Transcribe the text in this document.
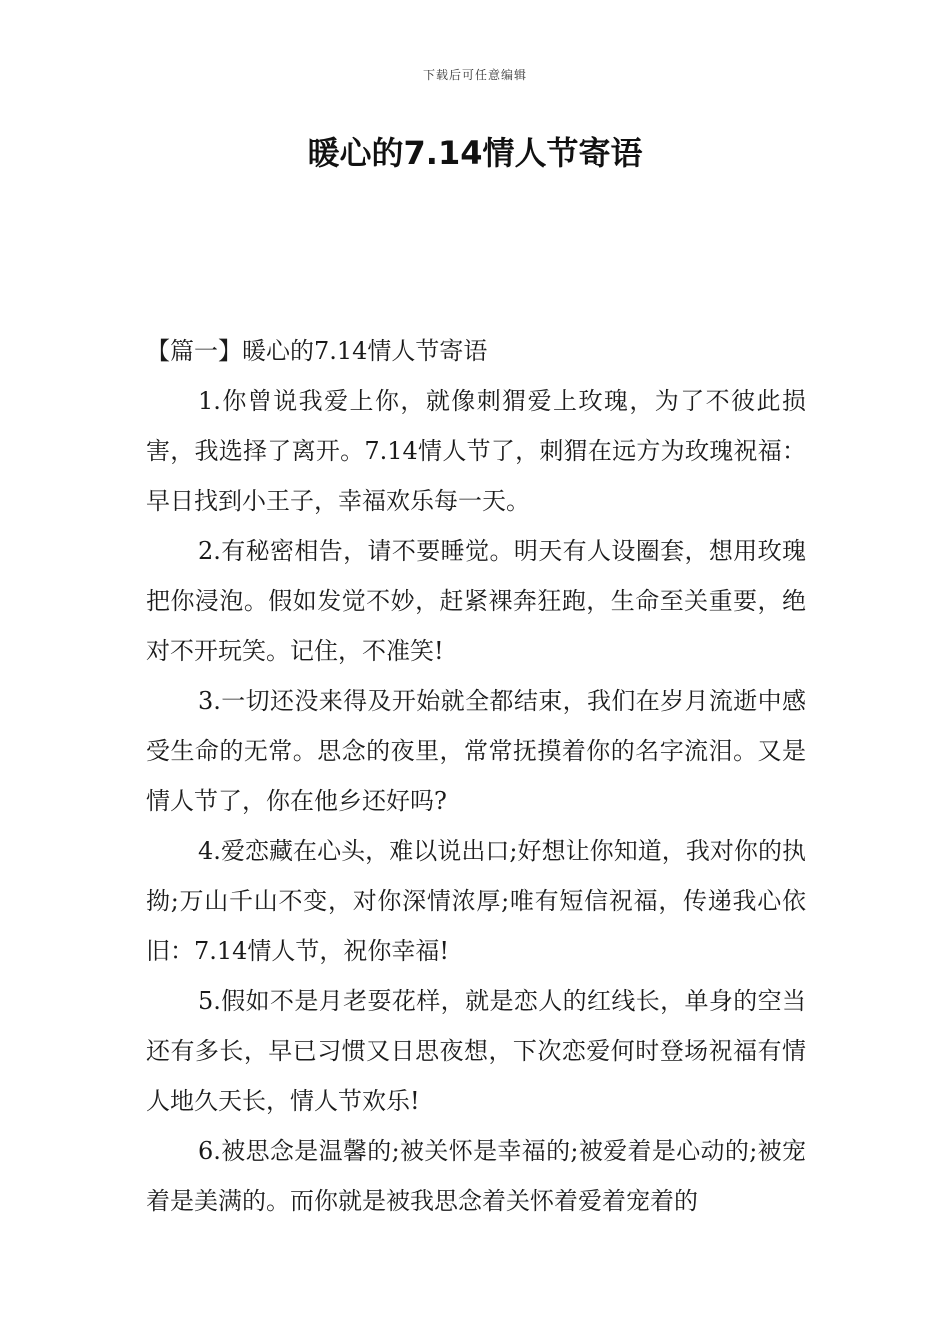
下载后可任意编辑
暖心的7.14情人节寄语

【篇一】暖心的7.14情人节寄语

1.你曾说我爱上你，就像刺猬爱上玫瑰，为了不彼此损害，我选择了离开。7.14情人节了，刺猬在远方为玫瑰祝福：早日找到小王子，幸福欢乐每一天。

2.有秘密相告，请不要睡觉。明天有人设圈套，想用玫瑰把你浸泡。假如发觉不妙，赶紧裸奔狂跑，生命至关重要，绝对不开玩笑。记住，不准笑!

3.一切还没来得及开始就全都结束，我们在岁月流逝中感受生命的无常。思念的夜里，常常抚摸着你的名字流泪。又是情人节了，你在他乡还好吗?

4.爱恋藏在心头，难以说出口;好想让你知道，我对你的执拗;万山千山不变，对你深情浓厚;唯有短信祝福，传递我心依旧：7.14情人节，祝你幸福!

5.假如不是月老耍花样，就是恋人的红线长，单身的空当还有多长，早已习惯又日思夜想，下次恋爱何时登场祝福有情人地久天长，情人节欢乐!

6.被思念是温馨的;被关怀是幸福的;被爱着是心动的;被宠着是美满的。而你就是被我思念着关怀着爱着宠着的
